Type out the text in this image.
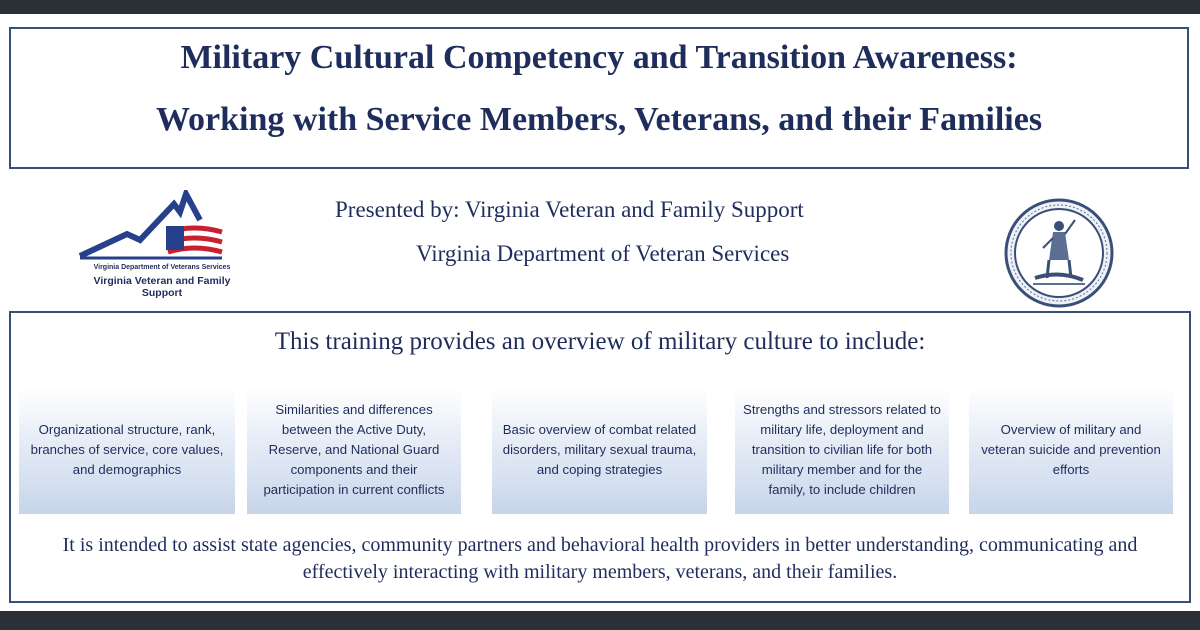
Military Cultural Competency and Transition Awareness:
Working with Service Members, Veterans, and their Families
Virginia Department of Veterans Services
Virginia Veteran and Family Support
Presented by: Virginia Veteran and Family Support
Virginia Department of Veteran Services
This training provides an overview of military culture to include:
Organizational structure, rank, branches of service, core values, and demographics
Similarities and differences between the Active Duty, Reserve, and National Guard components and their participation in current conflicts
Basic overview of combat related disorders, military sexual trauma, and coping strategies
Strengths and stressors related to military life, deployment and transition to civilian life for both military member and for the family, to include children
Overview of military and veteran suicide and prevention efforts
It is intended to assist state agencies, community partners and behavioral health providers in better understanding, communicating and effectively interacting with military members, veterans, and their families.
